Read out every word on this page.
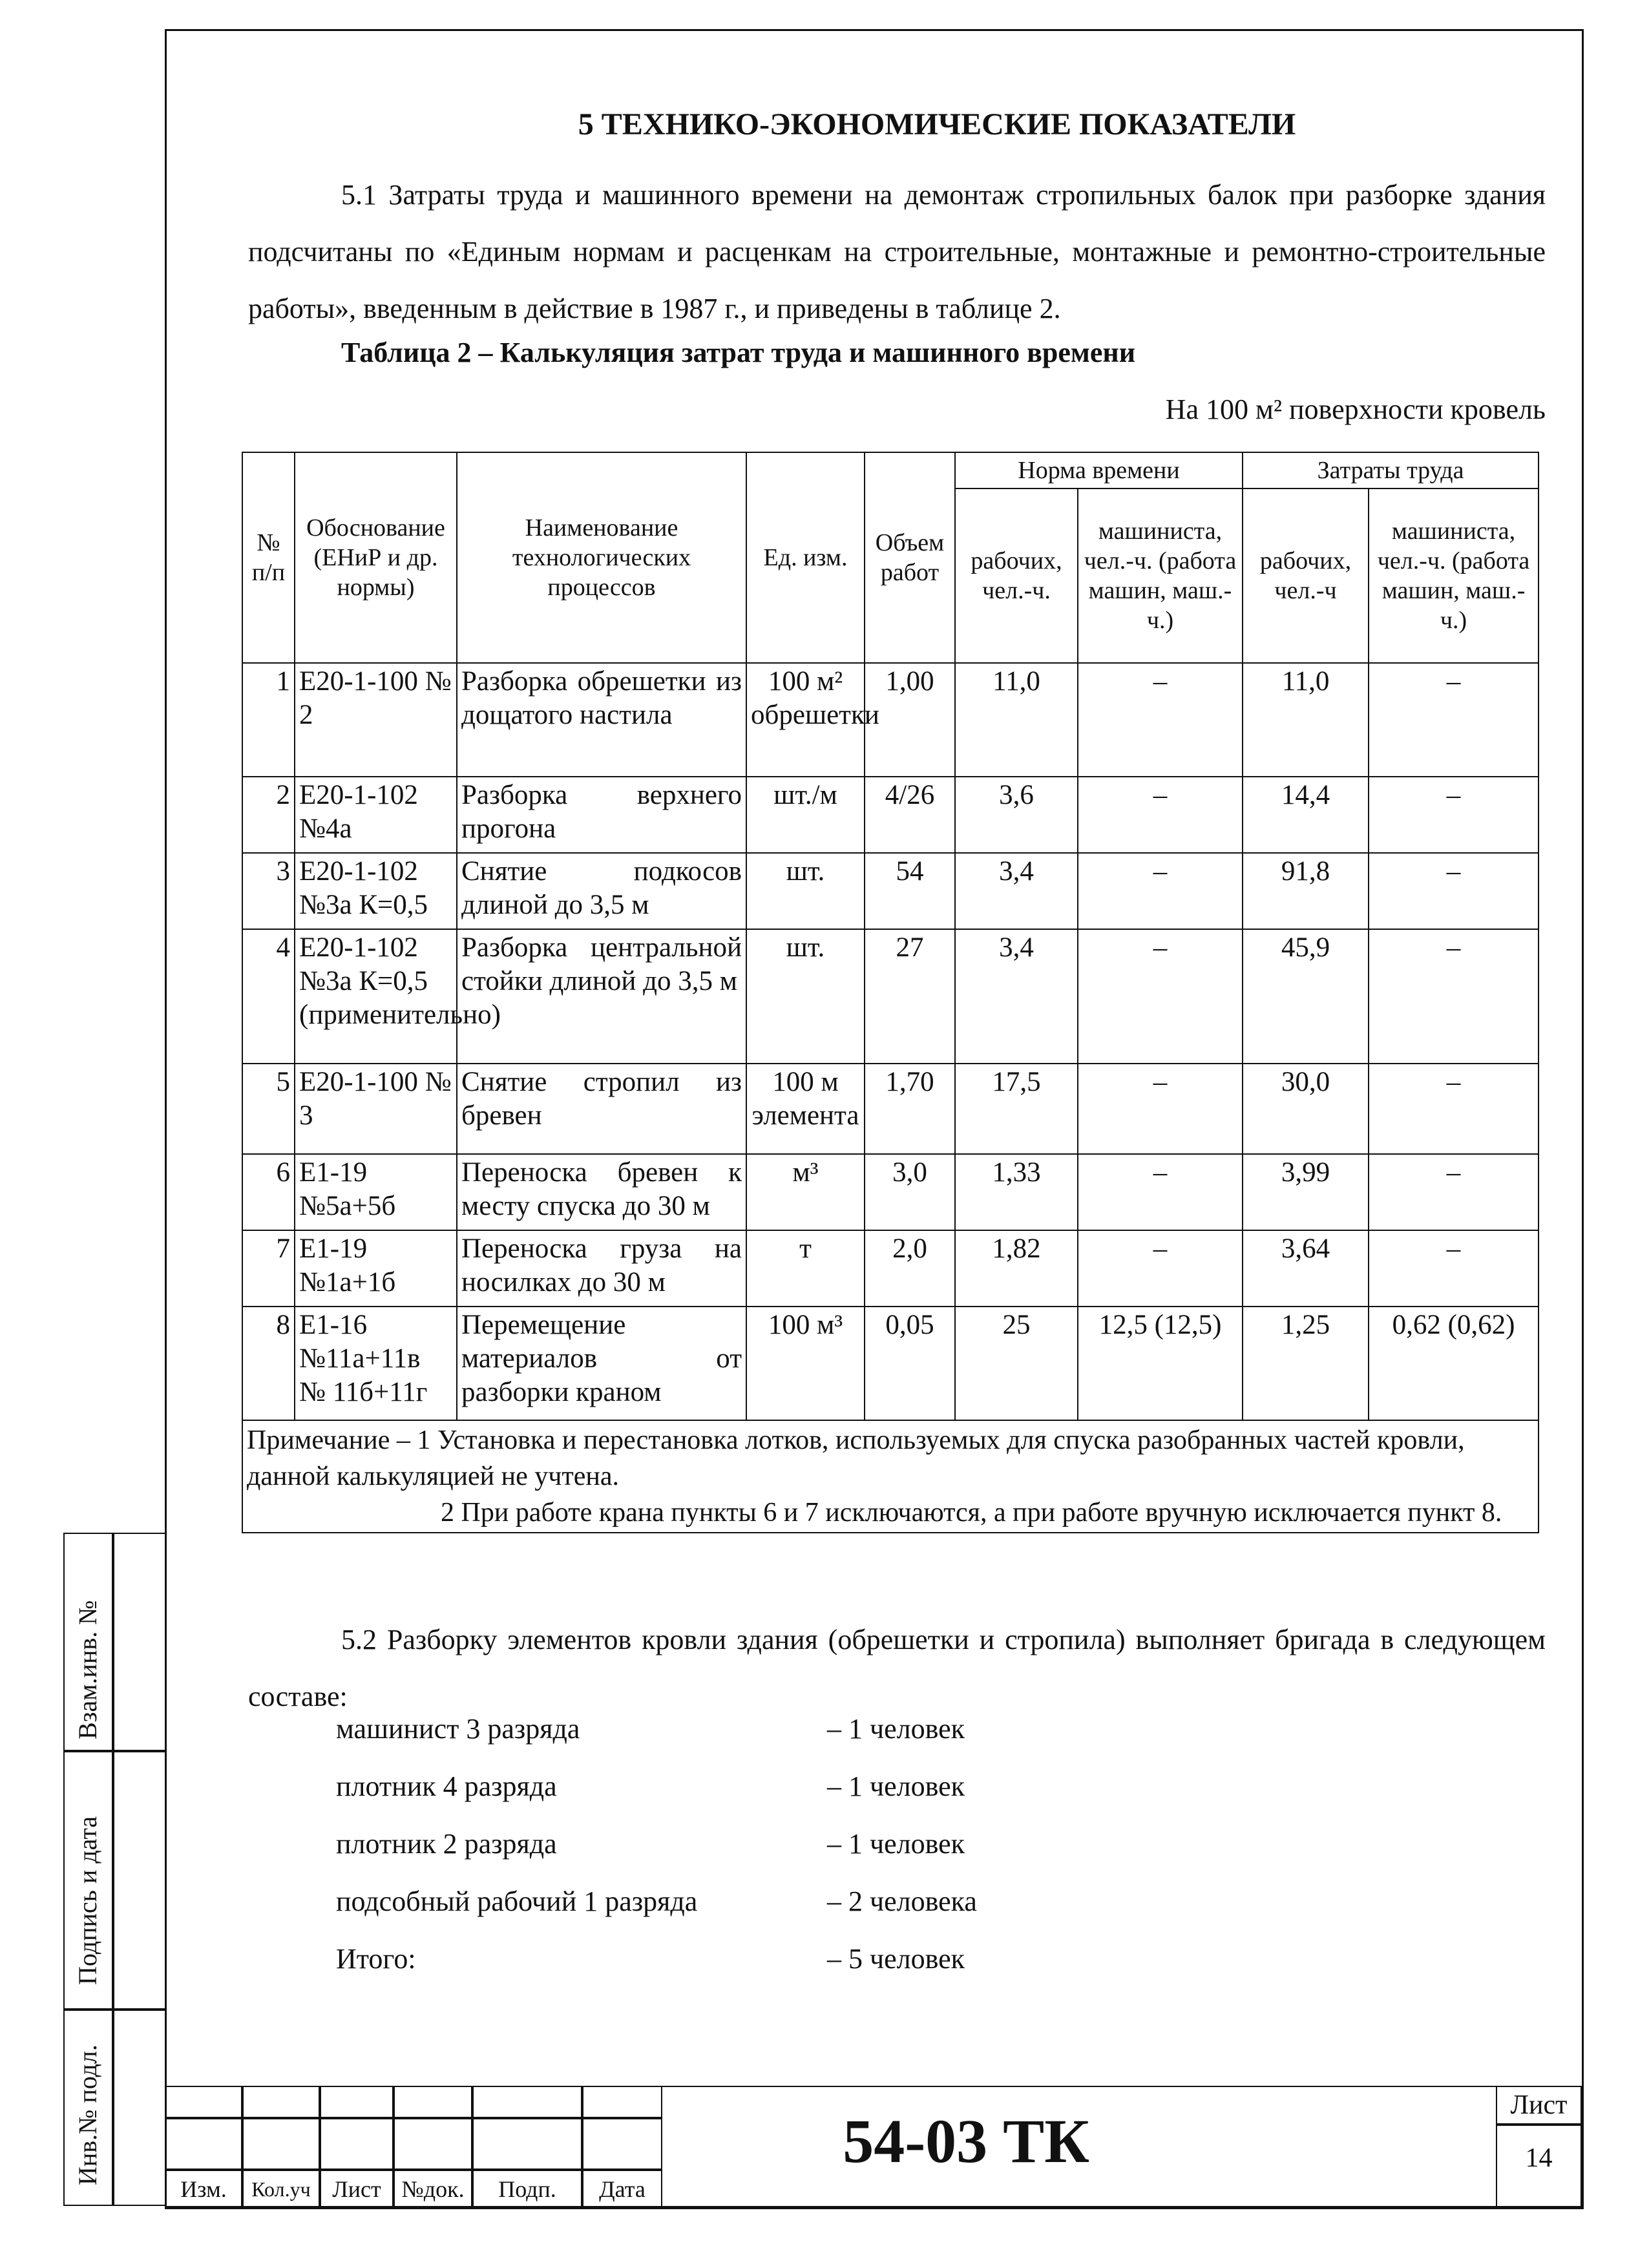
5 ТЕХНИКО-ЭКОНОМИЧЕСКИЕ ПОКАЗАТЕЛИ

5.1 Затраты труда и машинного времени на демонтаж стропильных балок при разборке здания подсчитаны по «Единым нормам и расценкам на строительные, монтажные и ремонтно-строительные работы», введенным в действие в 1987 г., и приведены в таблице 2.

Таблица 2 – Калькуляция затрат труда и машинного времени
На 100 м² поверхности кровель
№ п/п	Обоснование (ЕНиР и др. нормы)	Наименование технологических процессов	Ед. изм.	Объем работ	Норма времени		Затраты труда	
					рабочих, чел.-ч.	машиниста, чел.-ч. (работа машин, маш.-ч.)	рабочих, чел.-ч	машиниста, чел.-ч. (работа машин, маш.-ч.)
1	Е20-1-100 № 2	Разборка обрешетки из дощатого настила	100 м² обрешетки	1,00	11,0	–	11,0	–
2	Е20-1-102 №4а	Разборка верхнего прогона	шт./м	4/26	3,6	–	14,4	–
3	Е20-1-102 №3а К=0,5	Снятие подкосов длиной до 3,5 м	шт.	54	3,4	–	91,8	–
4	Е20-1-102 №3а К=0,5 (применительно)	Разборка центральной стойки длиной до 3,5 м	шт.	27	3,4	–	45,9	–
5	Е20-1-100 № 3	Снятие стропил из бревен	100 м элемента	1,70	17,5	–	30,0	–
6	Е1-19 №5а+5б	Переноска бревен к месту спуска до 30 м	м³	3,0	1,33	–	3,99	–
7	Е1-19 №1а+1б	Переноска груза на носилках до 30 м	т	2,0	1,82	–	3,64	–
8	Е1-16 №11а+11в № 11б+11г	Перемещение материалов от разборки краном	100 м³	0,05	25	12,5 (12,5)	1,25	0,62 (0,62)

Примечание – 1 Установка и перестановка лотков, используемых для спуска разобранных частей кровли, данной калькуляцией не учтена.
2 При работе крана пункты 6 и 7 исключаются, а при работе вручную исключается пункт 8.								

5.2 Разборку элементов кровли здания (обрешетки и стропила) выполняет бригада в следующем составе:

машинист 3 разряда	– 1 человек
плотник 4 разряда	– 1 человек
плотник 2 разряда	– 1 человек
подсобный рабочий 1 разряда	– 2 человека
Итого:	– 5 человек
Взам.инв. №
Подпись и дата
Инв.№ подл.
Изм.	Кол.уч Лист №док.	Подп.	Дата
54-03 ТК
Лист
14
